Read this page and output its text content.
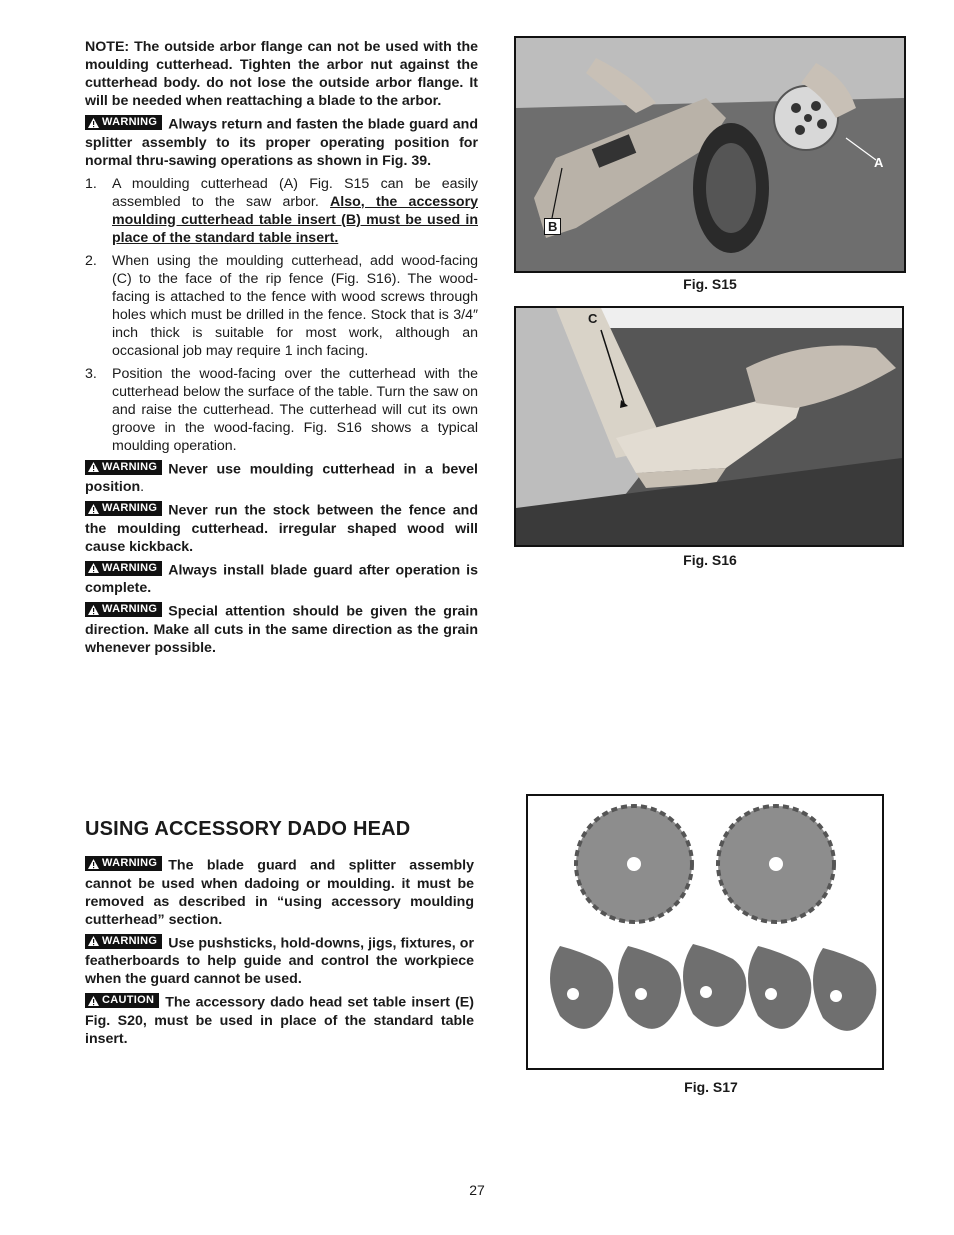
NOTE: The outside arbor flange can not be used with the moulding cutterhead. Tighten the arbor nut against the cutterhead body. do not lose the outside arbor flange. It will be needed when reattaching a blade to the arbor.

WARNING Always return and fasten the blade guard and splitter assembly to its proper operating position for normal thru-sawing operations as shown in Fig. 39.

1. A moulding cutterhead (A) Fig. S15 can be easily assembled to the saw arbor. Also, the accessory moulding cutterhead table insert (B) must be used in place of the standard table insert.
2. When using the moulding cutterhead, add wood-facing (C) to the face of the rip fence (Fig. S16). The wood-facing is attached to the fence with wood screws through holes which must be drilled in the fence. Stock that is 3/4″ inch thick is suitable for most work, although an occasional job may require 1 inch facing.
3. Position the wood-facing over the cutterhead with the cutterhead below the surface of the table. Turn the saw on and raise the cutterhead. The cutterhead will cut its own groove in the wood-facing. Fig. S16 shows a typical moulding operation.

WARNING Never use moulding cutterhead in a bevel position.

WARNING Never run the stock between the fence and the moulding cutterhead. irregular shaped wood will cause kickback.

WARNING Always install blade guard after operation is complete.

WARNING Special attention should be given the grain direction. Make all cuts in the same direction as the grain whenever possible.

USING ACCESSORY DADO HEAD

WARNING The blade guard and splitter assembly cannot be used when dadoing or moulding. it must be removed as described in “using accessory moulding cutterhead” section.

WARNING Use pushsticks, hold-downs, jigs, fixtures, or featherboards to help guide and control the workpiece when the guard cannot be used.

CAUTION The accessory dado head set table insert (E) Fig. S20, must be used in place of the standard table insert.

A
B
Fig. S15
C
Fig. S16
Fig. S17
27
